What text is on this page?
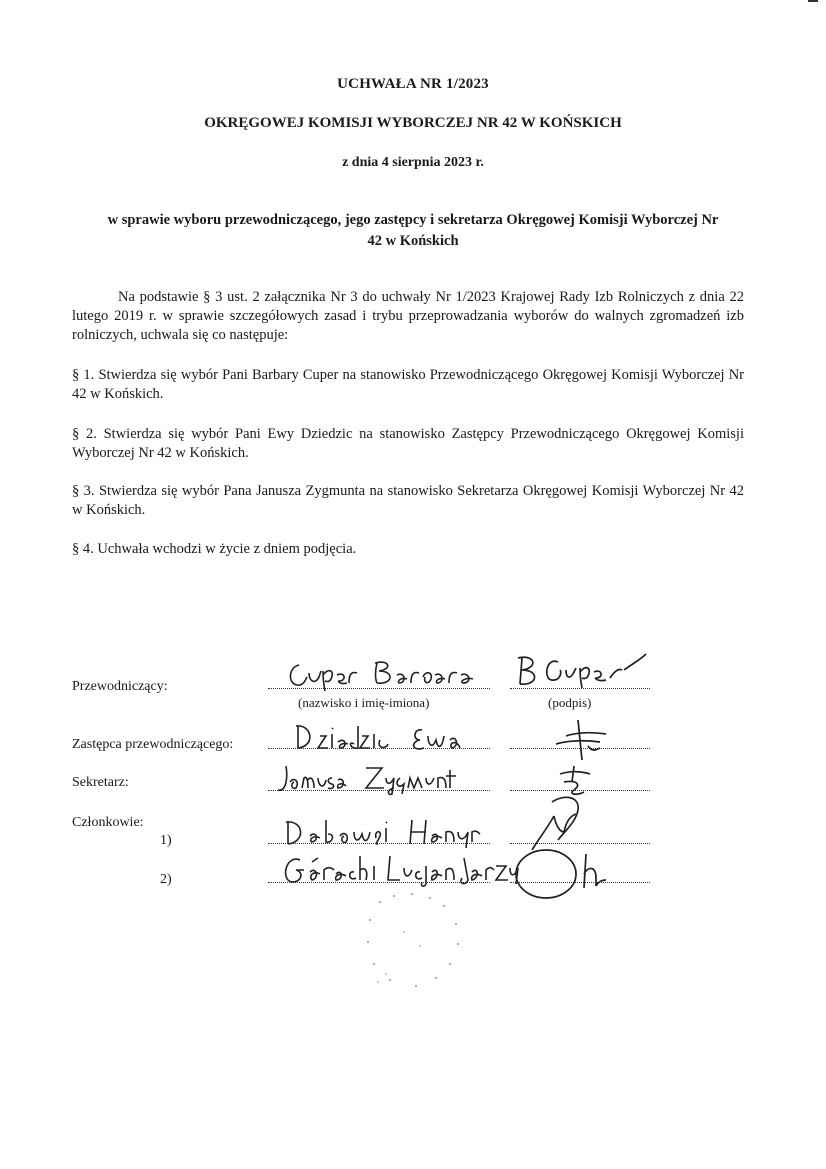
UCHWAŁA NR 1/2023
OKRĘGOWEJ KOMISJI WYBORCZEJ NR 42 W KOŃSKICH
z dnia 4 sierpnia 2023 r.
w sprawie wyboru przewodniczącego, jego zastępcy i sekretarza Okręgowej Komisji Wyborczej Nr 42 w Końskich
Na podstawie § 3 ust. 2 załącznika Nr 3 do uchwały Nr 1/2023 Krajowej Rady Izb Rolniczych z dnia 22 lutego 2019 r. w sprawie szczegółowych zasad i trybu przeprowadzania wyborów do walnych zgromadzeń izb rolniczych, uchwala się co następuje:
§ 1. Stwierdza się wybór Pani Barbary Cuper na stanowisko Przewodniczącego Okręgowej Komisji Wyborczej Nr 42 w Końskich.
§ 2. Stwierdza się wybór Pani Ewy Dziedzic na stanowisko Zastępcy Przewodniczącego Okręgowej Komisji Wyborczej Nr 42 w Końskich.
§ 3. Stwierdza się wybór Pana Janusza Zygmunta na stanowisko Sekretarza Okręgowej Komisji Wyborczej Nr 42 w Końskich.
§ 4. Uchwała wchodzi w życie z dniem podjęcia.
Przewodniczący:
(nazwisko i imię-imiona)	(podpis)
Zastępca przewodniczącego:
Sekretarz:
Członkowie:
1)
2)
